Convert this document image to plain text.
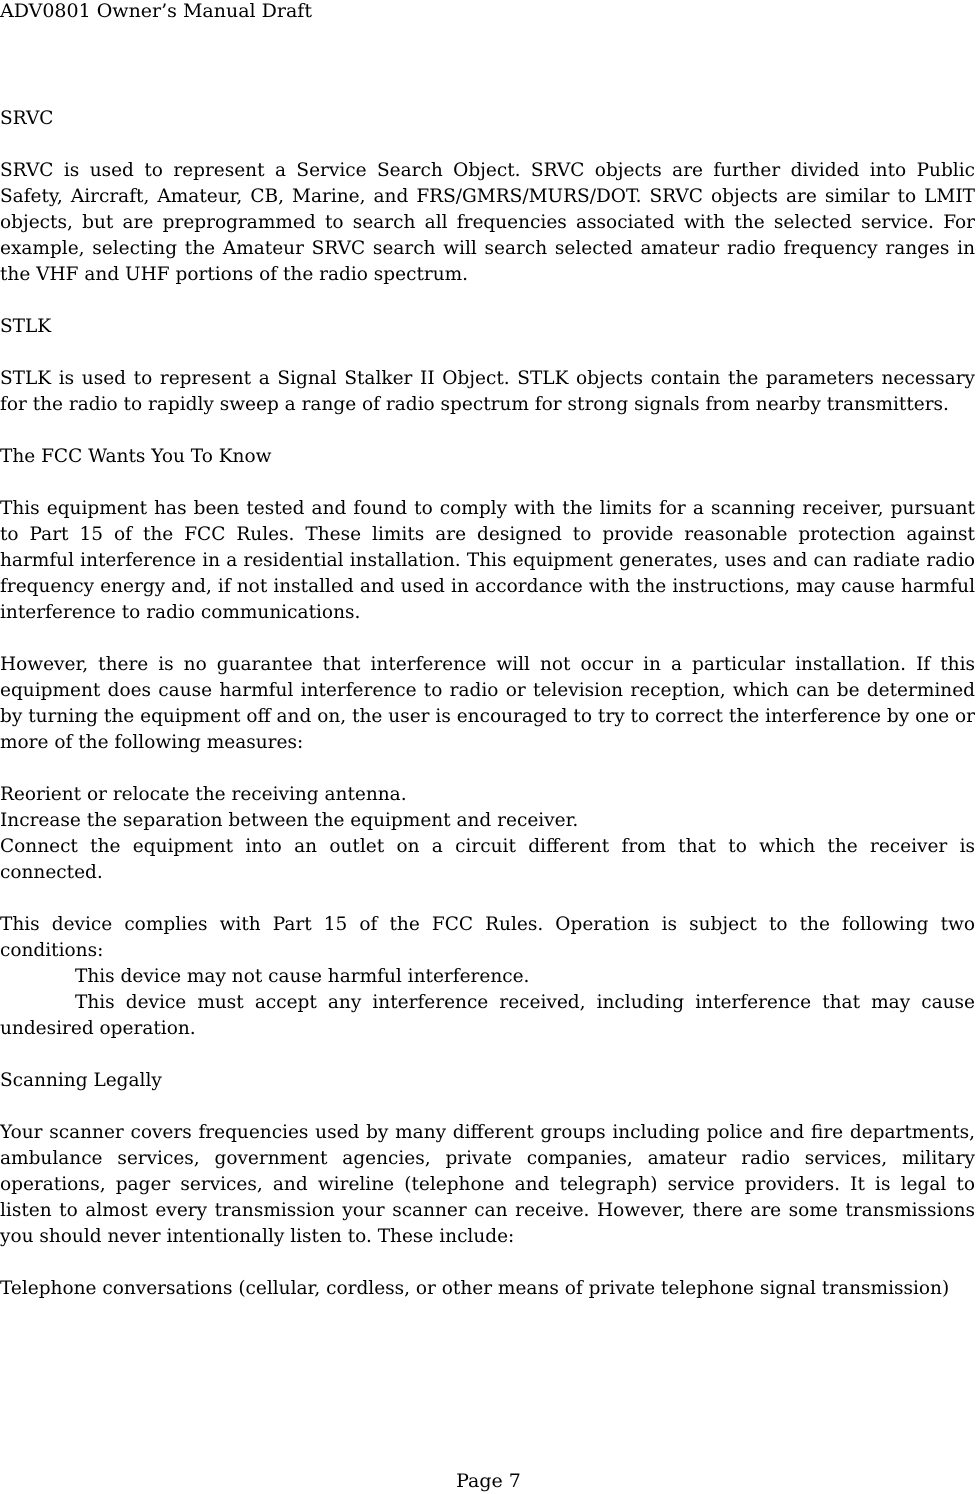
ADV0801 Owner’s Manual Draft

SRVC

SRVC is used to represent a Service Search Object. SRVC objects are further divided into Public Safety, Aircraft, Amateur, CB, Marine, and FRS/GMRS/MURS/DOT. SRVC objects are similar to LMIT objects, but are preprogrammed to search all frequencies associated with the selected service. For example, selecting the Amateur SRVC search will search selected amateur radio frequency ranges in the VHF and UHF portions of the radio spectrum.

STLK

STLK is used to represent a Signal Stalker II Object. STLK objects contain the parameters necessary for the radio to rapidly sweep a range of radio spectrum for strong signals from nearby transmitters.

The FCC Wants You To Know

This equipment has been tested and found to comply with the limits for a scanning receiver, pursuant to Part 15 of the FCC Rules. These limits are designed to provide reasonable protection against harmful interference in a residential installation. This equipment generates, uses and can radiate radio frequency energy and, if not installed and used in accordance with the instructions, may cause harmful interference to radio communications.

However, there is no guarantee that interference will not occur in a particular installation. If this equipment does cause harmful interference to radio or television reception, which can be determined by turning the equipment off and on, the user is encouraged to try to correct the interference by one or more of the following measures:

Reorient or relocate the receiving antenna.
Increase the separation between the equipment and receiver.
Connect the equipment into an outlet on a circuit different from that to which the receiver is connected.
This device complies with Part 15 of the FCC Rules. Operation is subject to the following two conditions:
This device may not cause harmful interference.
This device must accept any interference received, including interference that may cause undesired operation.

Scanning Legally

Your scanner covers frequencies used by many different groups including police and fire departments, ambulance services, government agencies, private companies, amateur radio services, military operations, pager services, and wireline (telephone and telegraph) service providers. It is legal to listen to almost every transmission your scanner can receive. However, there are some transmissions you should never intentionally listen to. These include:

Telephone conversations (cellular, cordless, or other means of private telephone signal transmission)

Page 7
